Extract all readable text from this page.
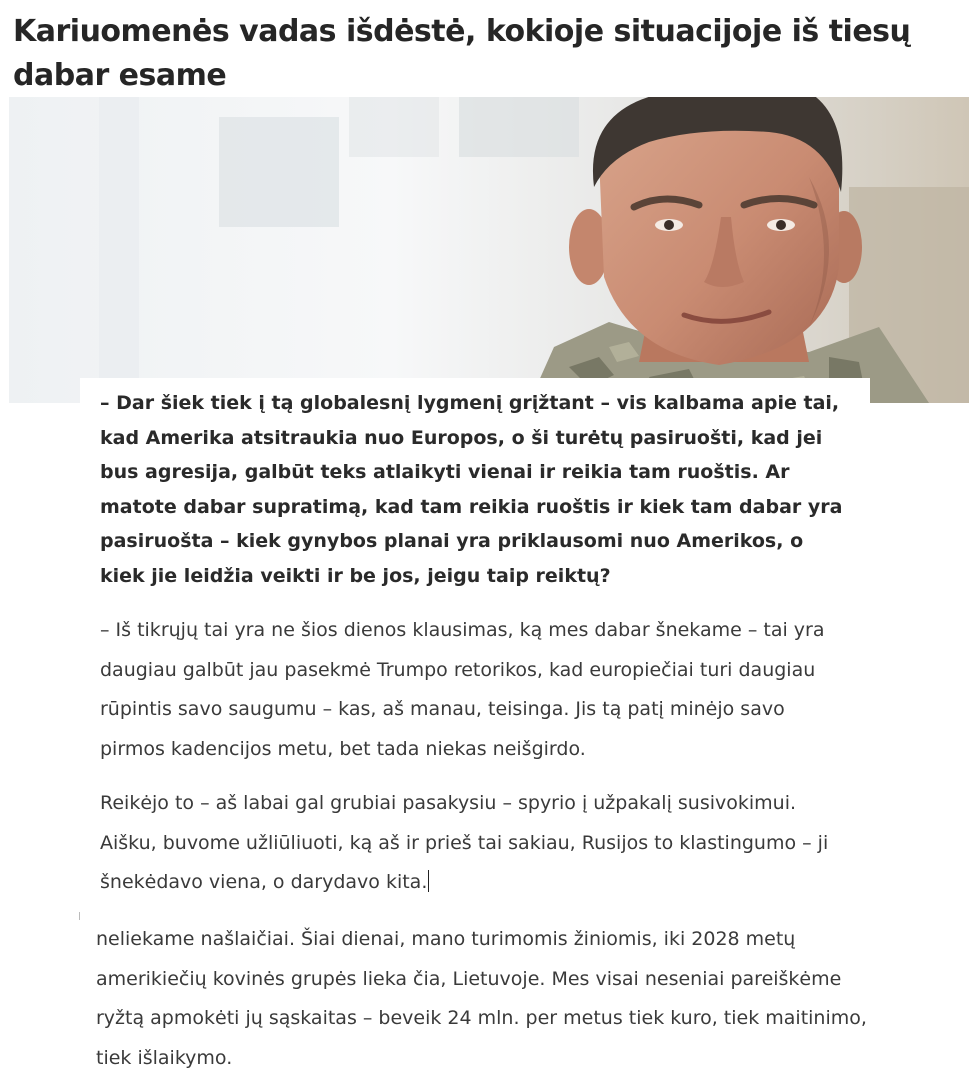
Kariuomenės vadas išdėstė, kokioje situacijoje iš tiesų dabar esame

– Dar šiek tiek į tą globalesnį lygmenį grįžtant – vis kalbama apie tai, kad Amerika atsitraukia nuo Europos, o ši turėtų pasiruošti, kad jei bus agresija, galbūt teks atlaikyti vienai ir reikia tam ruoštis. Ar matote dabar supratimą, kad tam reikia ruoštis ir kiek tam dabar yra pasiruošta – kiek gynybos planai yra priklausomi nuo Amerikos, o kiek jie leidžia veikti ir be jos, jeigu taip reiktų?

– Iš tikrųjų tai yra ne šios dienos klausimas, ką mes dabar šnekame – tai yra daugiau galbūt jau pasekmė Trumpo retorikos, kad europiečiai turi daugiau rūpintis savo saugumu – kas, aš manau, teisinga. Jis tą patį minėjo savo pirmos kadencijos metu, bet tada niekas neišgirdo.

Reikėjo to – aš labai gal grubiai pasakysiu – spyrio į užpakalį susivokimui. Aišku, buvome užliūliuoti, ką aš ir prieš tai sakiau, Rusijos to klastingumo – ji šnekėdavo viena, o darydavo kita.

neliekame našlaičiai. Šiai dienai, mano turimomis žiniomis, iki 2028 metų amerikiečių kovinės grupės lieka čia, Lietuvoje. Mes visai neseniai pareiškėme ryžtą apmokėti jų sąskaitas – beveik 24 mln. per metus tiek kuro, tiek maitinimo, tiek išlaikymo.
